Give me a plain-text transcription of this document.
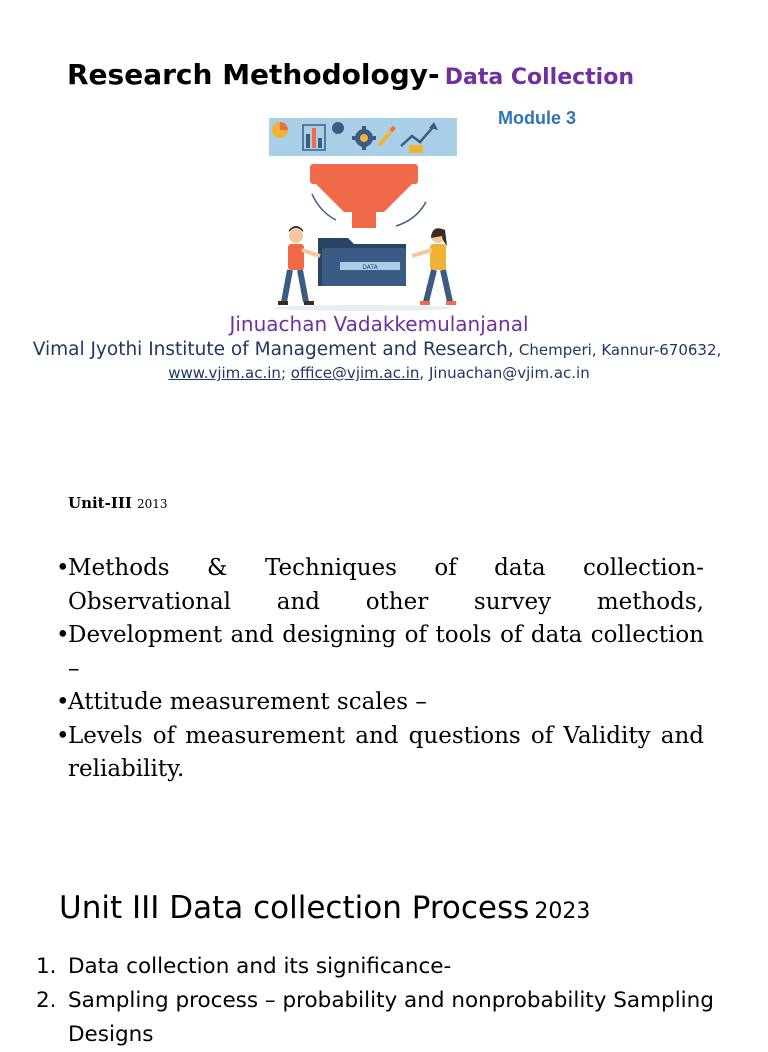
Research Methodology- Data Collection
Module 3
DATA
Jinuachan Vadakkemulanjanal
Vimal Jyothi Institute of Management and Research, Chemperi, Kannur-670632,
www.vjim.ac.in; office@vjim.ac.in, Jinuachan@vjim.ac.in
Unit-III 2013
• Methods & Techniques of data collection-
Observational and other survey methods,
• Development and designing of tools of data collection –
• Attitude measurement scales –
• Levels of measurement and questions of Validity and reliability.
Unit III Data collection Process 2023
1. Data collection and its significance-
2. Sampling process – probability and nonprobability Sampling Designs
